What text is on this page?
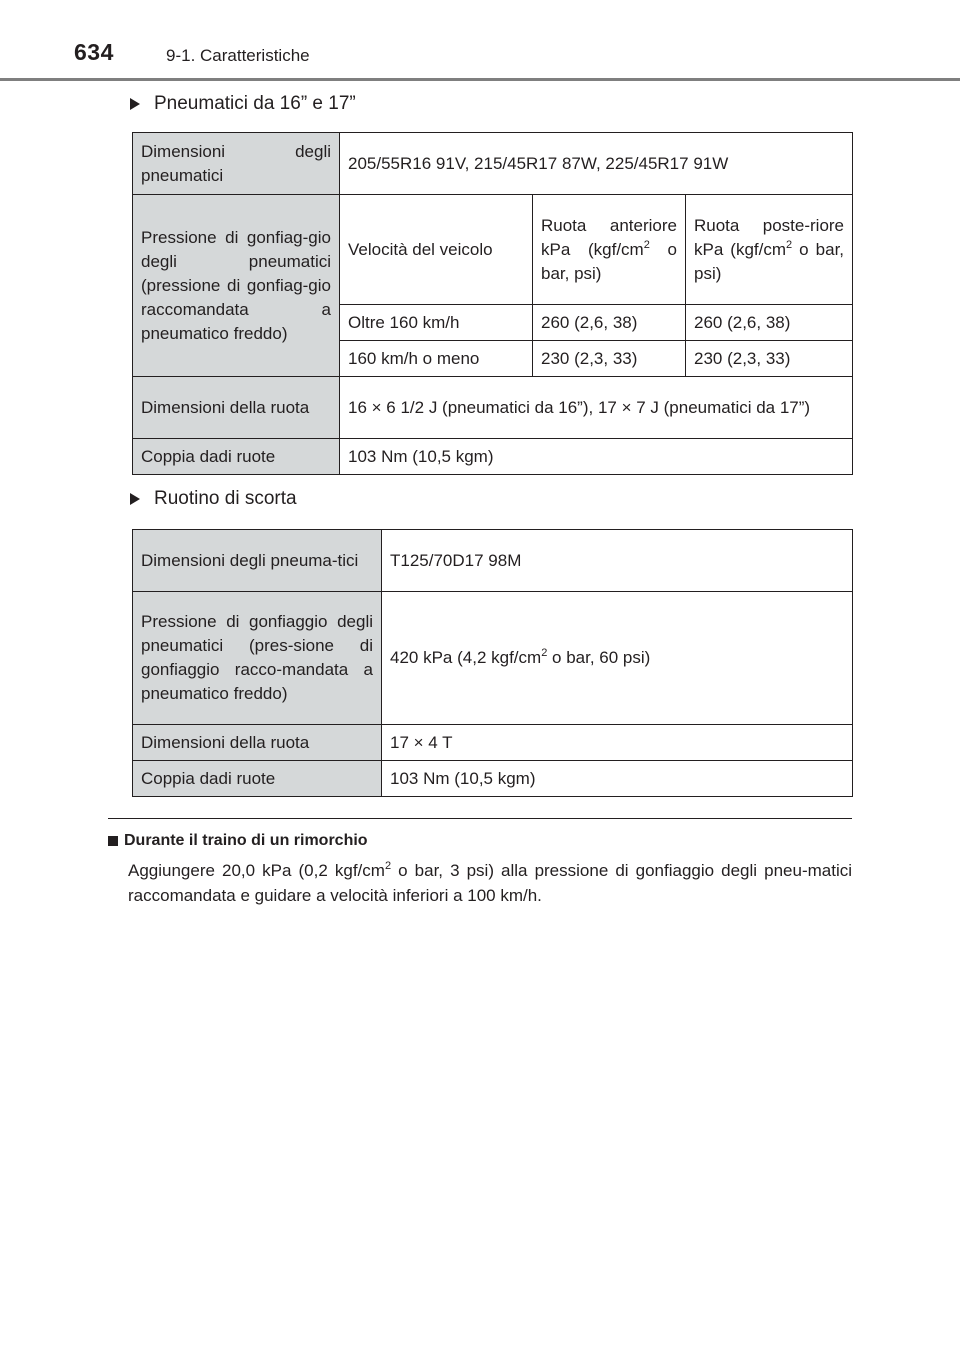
634	9-1. Caratteristiche
Pneumatici da 16” e 17”
Dimensioni degli pneumatici	205/55R16 91V, 215/45R17 87W, 225/45R17 91W		
Pressione di gonfiag-gio degli pneumatici (pressione di gonfiag-gio raccomandata a pneumatico freddo)	Velocità del veicolo	Ruota anteriore kPa ($kgf/cm^2$ o bar, psi)	Ruota poste-riore kPa ($kgf/cm^2$ o bar, psi)
	Oltre 160 km/h	260 (2,6, 38)	260 (2,6, 38)
	160 km/h o meno	230 (2,3, 33)	230 (2,3, 33)
Dimensioni della ruota	16 × 6 1/2 J (pneumatici da 16”), 17 × 7 J (pneumatici da 17”)		
Coppia dadi ruote	103 Nm (10,5 kgm)		
Ruotino di scorta
Dimensioni degli pneuma-tici	T125/70D17 98M
Pressione di gonfiaggio degli pneumatici (pres-sione di gonfiaggio racco-mandata a pneumatico freddo)	420 kPa (4,2 kgf/$cm^2$ o bar, 60 psi)
Dimensioni della ruota	17 × 4 T
Coppia dadi ruote	103 Nm (10,5 kgm)
Durante il traino di un rimorchio
Aggiungere 20,0 kPa (0,2 kgf/$cm^2$ o bar, 3 psi) alla pressione di gonfiaggio degli pneu-matici raccomandata e guidare a velocità inferiori a 100 km/h.
